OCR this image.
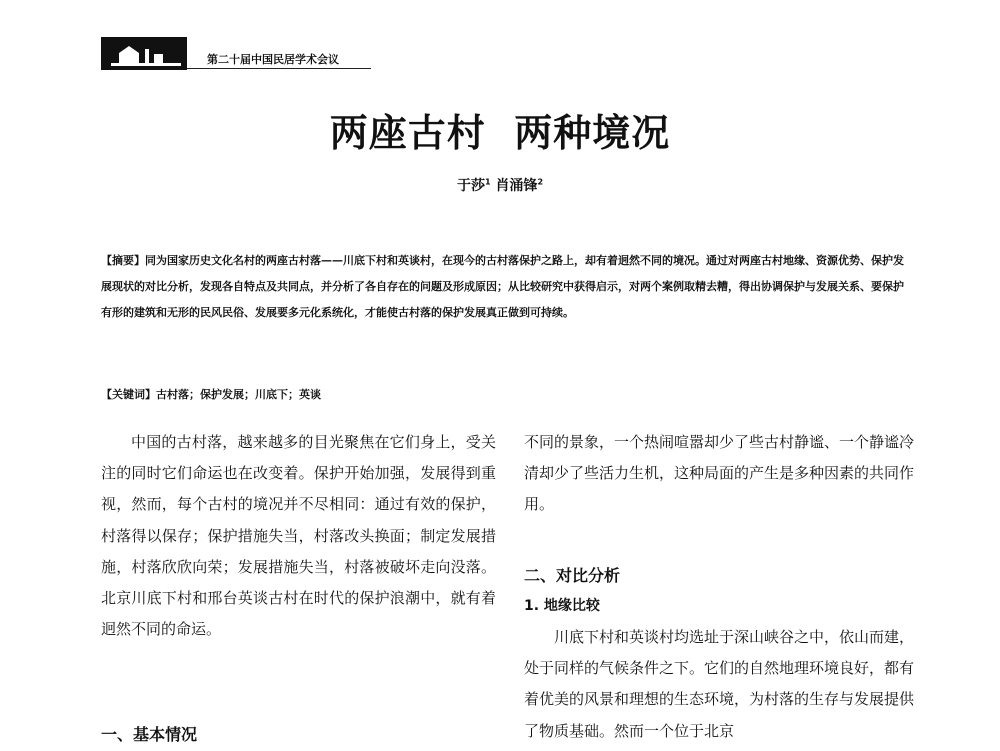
第二十届中国民居学术会议
两座古村  两种境况
于莎$^1$ 肖涌锋$^2$

【摘要】同为国家历史文化名村的两座古村落——川底下村和英谈村，在现今的古村落保护之路上，却有着迥然不同的境况。通过对两座古村地缘、资源优势、保护发展现状的对比分析，发现各自特点及共同点，并分析了各自存在的问题及形成原因；从比较研究中获得启示，对两个案例取精去糟，得出协调保护与发展关系、要保护有形的建筑和无形的民风民俗、发展要多元化系统化，才能使古村落的保护发展真正做到可持续。

【关键词】古村落；保护发展；川底下；英谈

中国的古村落，越来越多的目光聚焦在它们身上，受关注的同时它们命运也在改变着。保护开始加强，发展得到重视，然而，每个古村的境况并不尽相同：通过有效的保护，村落得以保存；保护措施失当，村落改头换面；制定发展措施，村落欣欣向荣；发展措施失当，村落被破坏走向没落。北京川底下村和邢台英谈古村在时代的保护浪潮中，就有着迥然不同的命运。

一、基本情况

不同的景象，一个热闹喧嚣却少了些古村静谧、一个静谧冷清却少了些活力生机，这种局面的产生是多种因素的共同作用。

二、对比分析
1. 地缘比较

川底下村和英谈村均选址于深山峡谷之中，依山而建，处于同样的气候条件之下。它们的自然地理环境良好，都有着优美的风景和理想的生态环境，为村落的生存与发展提供了物质基础。然而一个位于北京
